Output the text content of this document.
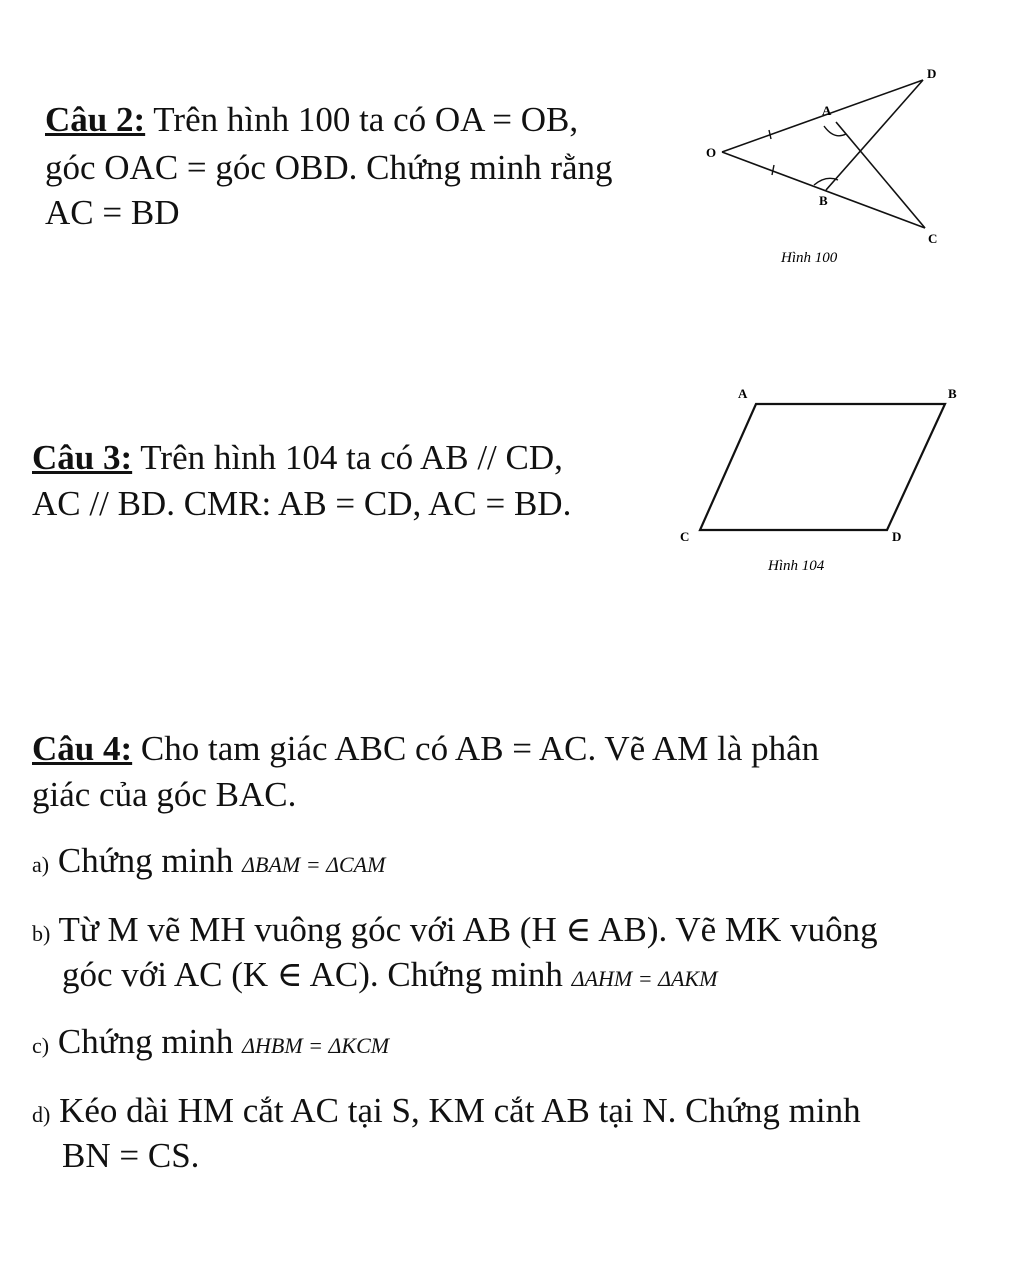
Câu 2: Trên hình 100 ta có OA = OB,
góc OAC = góc OBD. Chứng minh rằng
AC = BD
D
A
O
B
C
Hình 100
Câu 3: Trên hình 104 ta có AB // CD,
AC // BD. CMR: AB = CD, AC = BD.
A	B
C	D
Hình 104
Câu 4: Cho tam giác ABC có AB = AC. Vẽ AM là phân
giác của góc BAC.
a) Chứng minh ΔBAM = ΔCAM
b) Từ M vẽ MH vuông góc với AB (H ∈ AB). Vẽ MK vuông
góc với AC (K ∈ AC). Chứng minh ΔAHM = ΔAKM
c) Chứng minh ΔHBM = ΔKCM
d) Kéo dài HM cắt AC tại S, KM cắt AB tại N. Chứng minh
BN = CS.
